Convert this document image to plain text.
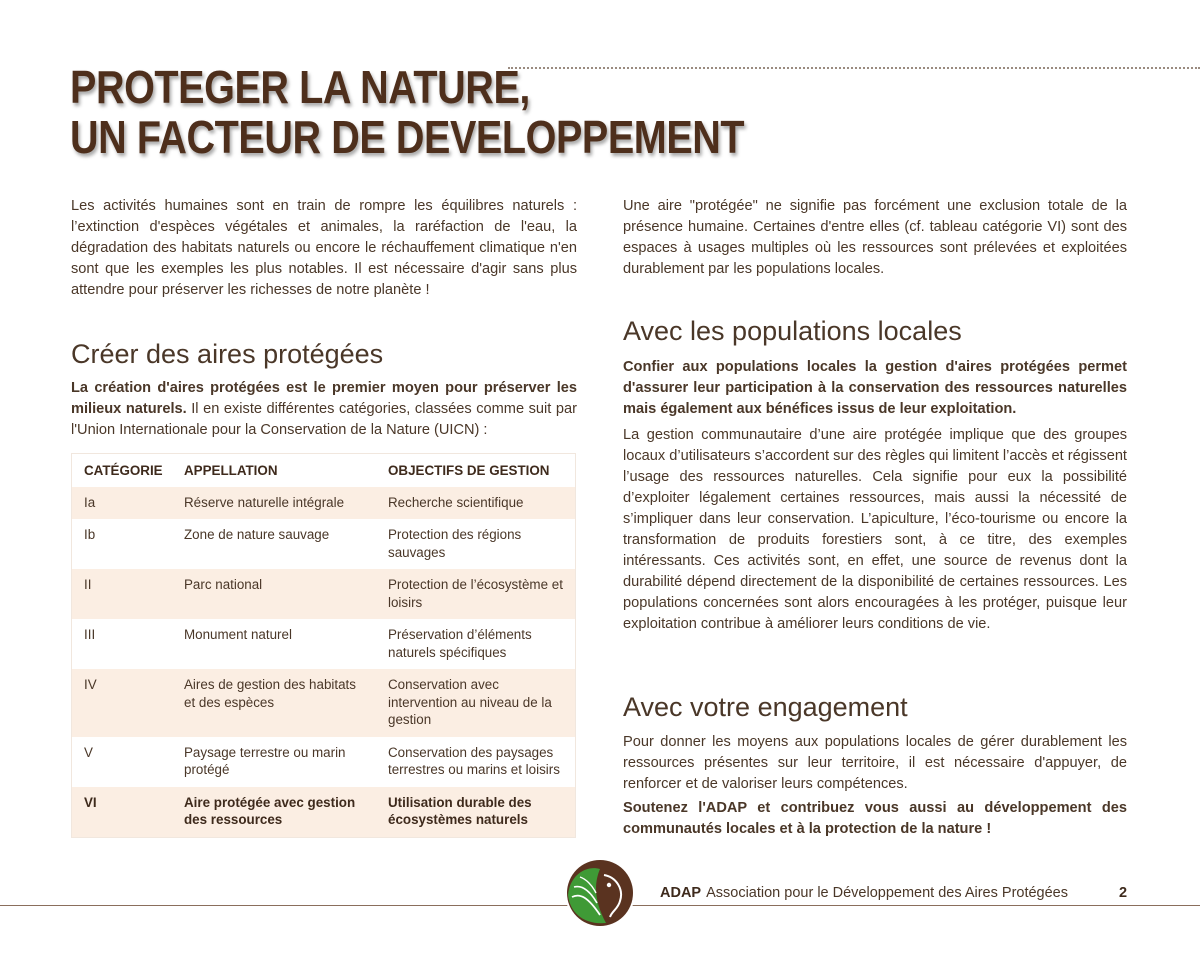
PROTEGER LA NATURE,
UN FACTEUR DE DEVELOPPEMENT

Les activités humaines sont en train de rompre les équilibres naturels : l’extinction d'espèces végétales et animales, la raréfaction de l'eau, la dégradation des habitats naturels ou encore le réchauffement climatique n'en sont que les exemples les plus notables. Il est nécessaire d'agir sans plus attendre pour préserver les richesses de notre planète !

Créer des aires protégées

La création d'aires protégées est le premier moyen pour préserver les milieux naturels. Il en existe différentes catégories, classées comme suit par l'Union Internationale pour la Conservation de la Nature (UICN) :

CATÉGORIE	APPELLATION	OBJECTIFS DE GESTION
Ia	Réserve naturelle intégrale	Recherche scientifique
Ib	Zone de nature sauvage	Protection des régions sauvages
II	Parc national	Protection de l’écosystème et loisirs
III	Monument naturel	Préservation d’éléments naturels spécifiques
IV	Aires de gestion des habitats et des espèces	Conservation avec intervention au niveau de la gestion
V	Paysage terrestre ou marin protégé	Conservation des paysages terrestres ou marins et loisirs
VI	Aire protégée avec gestion des ressources	Utilisation durable des écosystèmes naturels

Une aire "protégée" ne signifie pas forcément une exclusion totale de la présence humaine. Certaines d'entre elles (cf. tableau catégorie VI) sont des espaces à usages multiples où les ressources sont prélevées et exploitées durablement par les populations locales.

Avec les populations locales

Confier aux populations locales la gestion d'aires protégées permet d'assurer leur participation à la conservation des ressources naturelles mais également aux bénéfices issus de leur exploitation.

La gestion communautaire d’une aire protégée implique que des groupes locaux d’utilisateurs s’accordent sur des règles qui limitent l’accès et régissent l’usage des ressources naturelles. Cela signifie pour eux la possibilité d’exploiter légalement certaines ressources, mais aussi la nécessité de s’impliquer dans leur conservation. L’apiculture, l’éco-tourisme ou encore la transformation de produits forestiers sont, à ce titre, des exemples intéressants. Ces activités sont, en effet, une source de revenus dont la durabilité dépend directement de la disponibilité de certaines ressources. Les populations concernées sont alors encouragées à les protéger, puisque leur exploitation contribue à améliorer leurs conditions de vie.

Avec votre engagement

Pour donner les moyens aux populations locales de gérer durablement les ressources présentes sur leur territoire, il est nécessaire d'appuyer, de renforcer et de valoriser leurs compétences.

Soutenez l'ADAP et contribuez vous aussi au développement des communautés locales et à la protection de la nature !

ADAP Association pour le Développement des Aires Protégées	2
